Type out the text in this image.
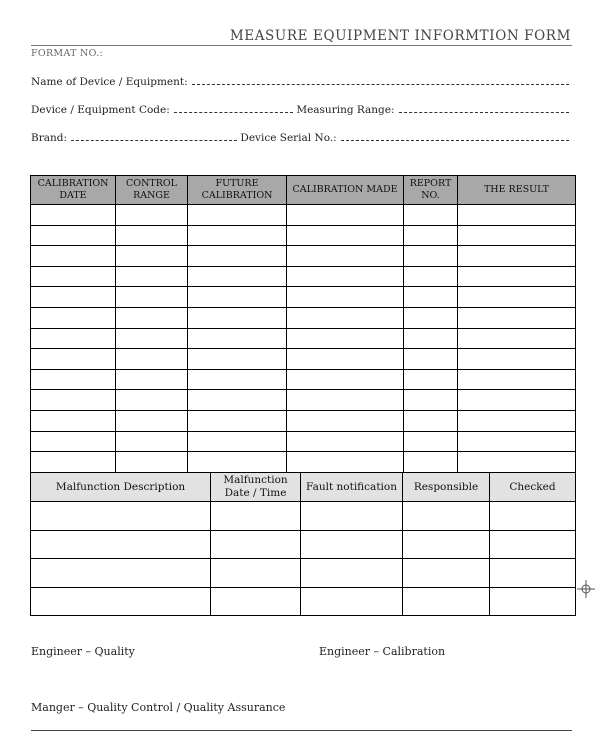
MEASURE EQUIPMENT INFORMTION FORM
FORMAT NO.:
Name of Device / Equipment:
Device / Equipment Code:	Measuring Range:
Brand:	Device Serial No.:
CALIBRATION DATE	CONTROL RANGE	FUTURE CALIBRATION	CALIBRATION MADE	REPORT NO.	THE RESULT

Malfunction Description	Malfunction Date / Time	Fault notification	Responsible	Checked

Engineer – Quality	Engineer – Calibration
Manger – Quality Control / Quality Assurance
